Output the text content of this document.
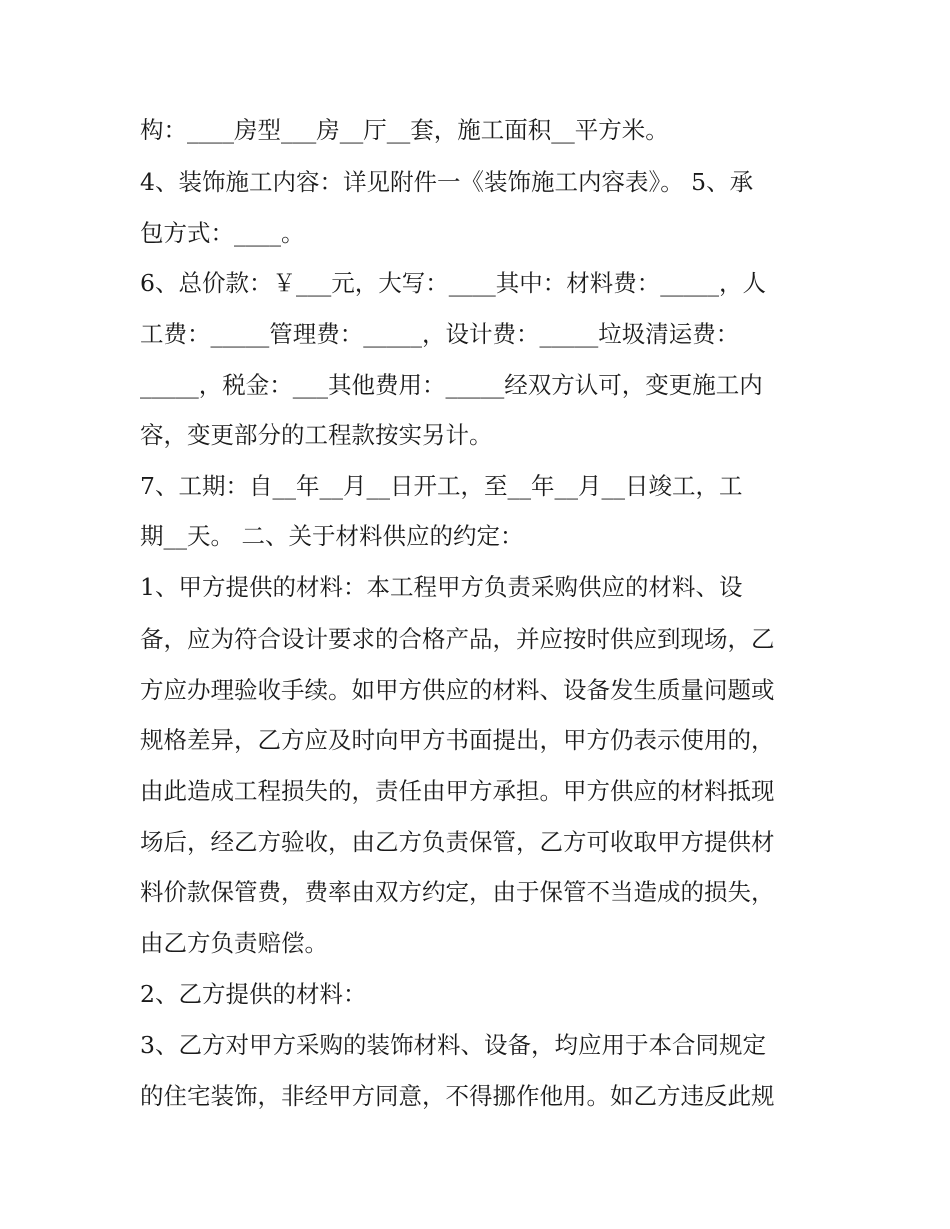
构：____房型___房__厅__套，施工面积__平方米。
4、装饰施工内容：详见附件一《装饰施工内容表》。 5、承
包方式：____。
6、总价款：￥___元，大写：____其中：材料费：_____，人
工费：_____管理费：_____，设计费：_____垃圾清运费：
_____，税金：___其他费用：_____经双方认可，变更施工内
容，变更部分的工程款按实另计。
7、工期：自__年__月__日开工，至__年__月__日竣工，工
期__天。 二、关于材料供应的约定：
1、甲方提供的材料：本工程甲方负责采购供应的材料、设
备，应为符合设计要求的合格产品，并应按时供应到现场，乙
方应办理验收手续。如甲方供应的材料、设备发生质量问题或
规格差异，乙方应及时向甲方书面提出，甲方仍表示使用的，
由此造成工程损失的，责任由甲方承担。甲方供应的材料抵现
场后，经乙方验收，由乙方负责保管，乙方可收取甲方提供材
料价款保管费，费率由双方约定，由于保管不当造成的损失，
由乙方负责赔偿。
2、乙方提供的材料：
3、乙方对甲方采购的装饰材料、设备，均应用于本合同规定
的住宅装饰，非经甲方同意，不得挪作他用。如乙方违反此规
